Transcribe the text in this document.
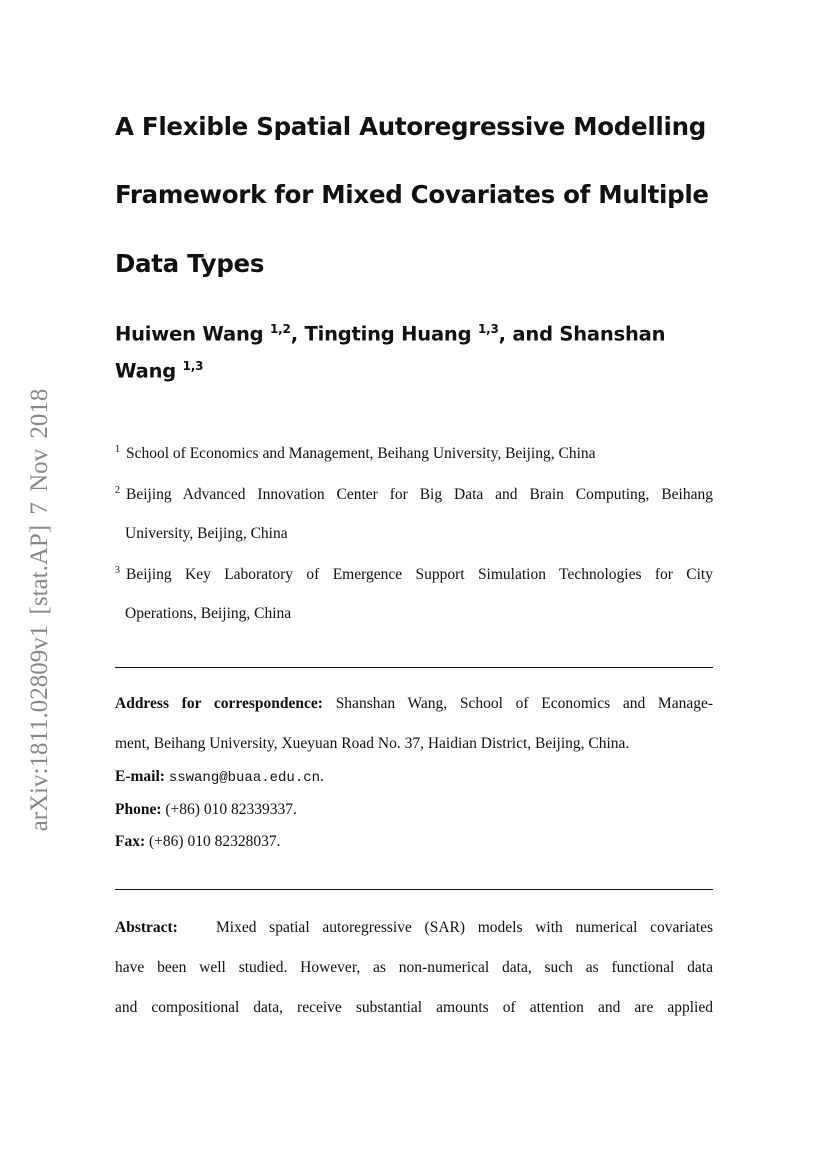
arXiv:1811.02809v1 [stat.AP] 7 Nov 2018
A Flexible Spatial Autoregressive Modelling
Framework for Mixed Covariates of Multiple
Data Types
Huiwen Wang $^{1,2}$, Tingting Huang $^{1,3}$, and Shanshan
Wang $^{1,3}$
$^1$ School of Economics and Management, Beihang University, Beijing, China
$^2$ Beijing Advanced Innovation Center for Big Data and Brain Computing, Beihang
University, Beijing, China
$^3$ Beijing Key Laboratory of Emergence Support Simulation Technologies for City
Operations, Beijing, China
Address for correspondence: Shanshan Wang, School of Economics and Manage-
ment, Beihang University, Xueyuan Road No. 37, Haidian District, Beijing, China.
E-mail: sswang@buaa.edu.cn.
Phone: (+86) 010 82339337.
Fax: (+86) 010 82328037.
Abstract: Mixed spatial autoregressive (SAR) models with numerical covariates
have been well studied. However, as non-numerical data, such as functional data
and compositional data, receive substantial amounts of attention and are applied
